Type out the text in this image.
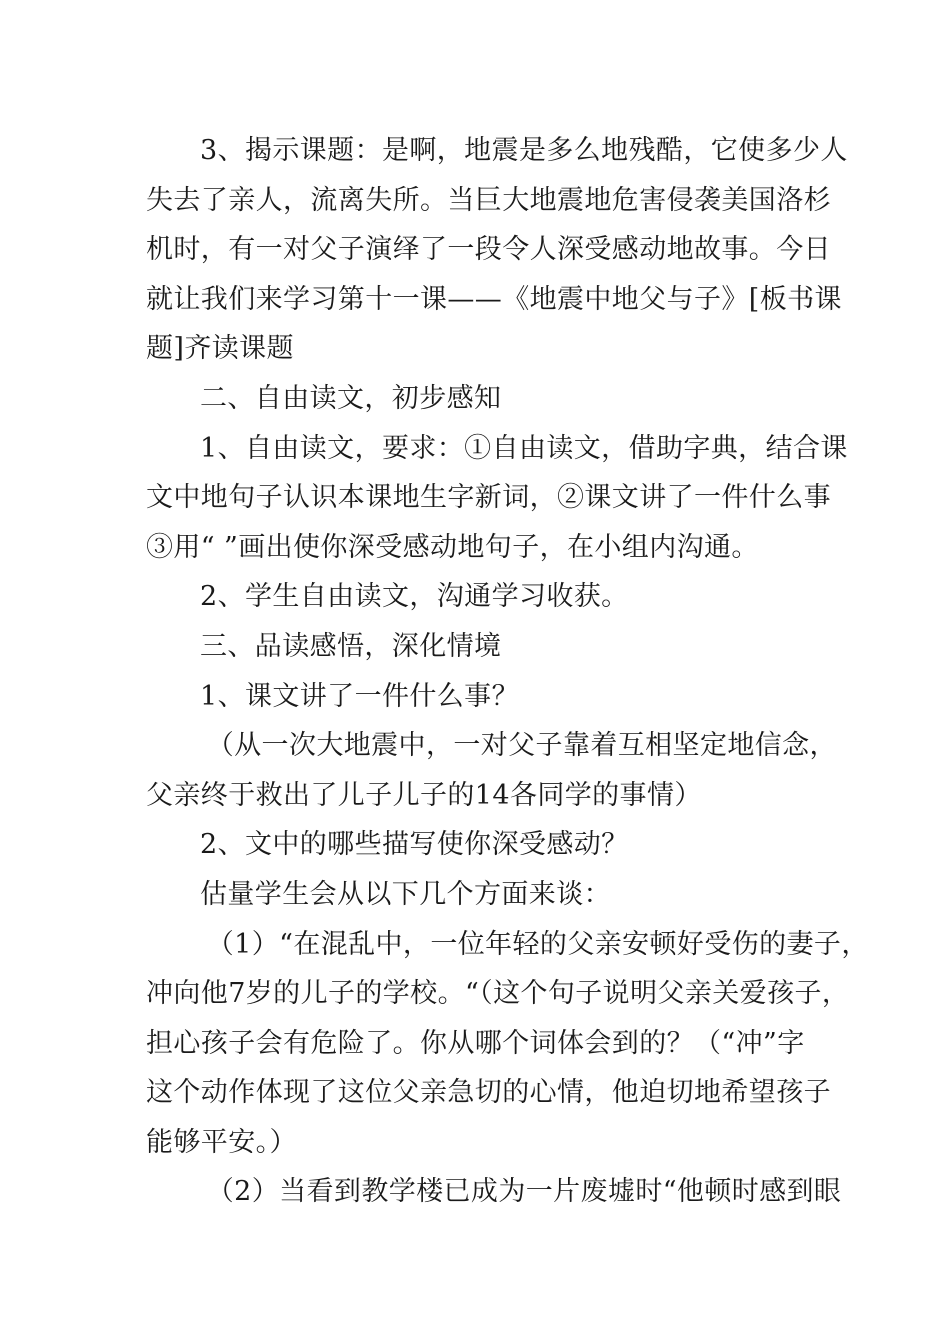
3、揭示课题：是啊，地震是多么地残酷，它使多少人
失去了亲人，流离失所。当巨大地震地危害侵袭美国洛杉
机时，有一对父子演绎了一段令人深受感动地故事。今日
就让我们来学习第十一课——《地震中地父与子》[板书课
题]齐读课题

二、自由读文，初步感知

1、自由读文，要求：①自由读文，借助字典，结合课
文中地句子认识本课地生字新词，②课文讲了一件什么事
③用“ ”画出使你深受感动地句子，在小组内沟通。

2、学生自由读文，沟通学习收获。

三、品读感悟，深化情境

1、课文讲了一件什么事？

（从一次大地震中，一对父子靠着互相坚定地信念，
父亲终于救出了儿子儿子的14各同学的事情）

2、文中的哪些描写使你深受感动？

估量学生会从以下几个方面来谈：

（1）“在混乱中，一位年轻的父亲安顿好受伤的妻子，
冲向他7岁的儿子的学校。“（这个句子说明父亲关爱孩子，
担心孩子会有危险了。你从哪个词体会到的？（“冲”字
这个动作体现了这位父亲急切的心情，他迫切地希望孩子
能够平安。）

（2）当看到教学楼已成为一片废墟时“他顿时感到眼
